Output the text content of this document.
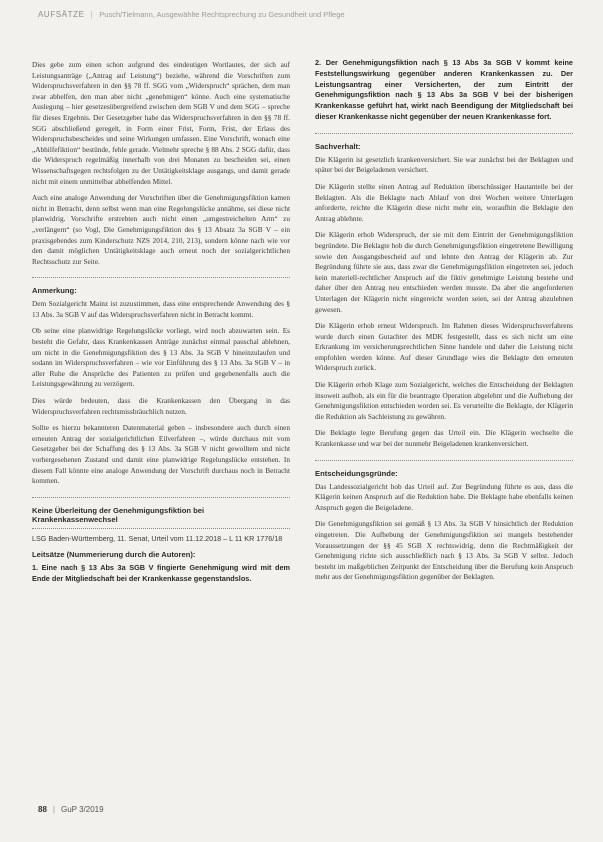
AUFSÄTZE | Pusch/Tielmann, Ausgewählte Rechtsprechung zu Gesundheit und Pflege

Dies gebe zum einen schon aufgrund des eindeutigen Wortlautes, der sich auf Leistungsanträge („Antrag auf Leistung“) beziehe, während die Vorschriften zum Widerspruchsverfahren in den §§ 78 ff. SGG vom „Widerspruch“ sprächen, dem man zwar abhelfen, den man aber nicht „genehmigen“ könne. Auch eine systematische Auslegung – hier gesetzesübergreifend zwischen dem SGB V und dem SGG – spreche für dieses Ergebnis. Der Gesetzgeber habe das Widerspruchsverfahren in den §§ 78 ff. SGG abschließend geregelt, in Form einer Frist, Form, Frist, der Erlass des Widerspruchsbescheides und seine Wirkungen umfassen. Eine Vorschrift, wonach eine „Abhilfefiktion“ bestünde, fehle gerade. Vielmehr spreche § 88 Abs. 2 SGG dafür, dass die Widerspruch regelmäßig innerhalb von drei Monaten zu bescheiden sei, einen Wissenschaftsgegen rechtsfolgen zu der Untätigkeitsklage ausgangs, und damit gerade nicht mit einem unmittelbar abhelfenden Mittel.

Auch eine analoge Anwendung der Vorschriften über die Genehmigungsfiktion kamen nicht in Betracht, denn selbst wenn man eine Regelungslücke annähme, sei diese nicht planwidrig. Vorschrifte erstrebten auch nicht einen „umgestreichelten Arm“ zu „verlängern“ (so Vogl, Die Genehmigungsfiktion des § 13 Absatz 3a SGB V – ein praxisgebendes zum Kinderschutz NZS 2014, 210, 213), sondern könne nach wie vor den damit möglichen Untätigkeitsklage auch erneut noch der sozialgerichtlichen Rechtsschutz zur Seite.

Anmerkung:

Dem Sozialgericht Mainz ist zuzustimmen, dass eine entsprechende Anwendung des § 13 Abs. 3a SGB V auf das Widerspruchsverfahren nicht in Betracht kommt.

Ob seine eine planwidrige Regelungslücke vorliegt, wird noch abzuwarten sein. Es besteht die Gefahr, dass Krankenkassen Anträge zunächst einmal pauschal ablehnen, um nicht in die Genehmigungsfiktion des § 13 Abs. 3a SGB V hineinzulaufen und sodann im Widerspruchsverfahren – wie vor Einführung des § 13 Abs. 3a SGB V – in aller Ruhe die Ansprüche des Patienten zu prüfen und gegebenenfalls auch die Leistungsgewährung zu verzögern.

Dies würde bedeuten, dass die Krankenkassen den Übergang in das Widerspruchsverfahren rechtsmissbräuchlich nutzen.

Sollte es hierzu bekannteren Datenmaterial geben – insbesondere auch durch einen erneuten Antrag der sozialgerichtlichen Eilverfahren –, würde durchaus mit vom Gesetzgeber bei der Schaffung des § 13 Abs. 3a SGB V nicht gewolltem und nicht vorhergesehenen Zustand und damit eine planwidrige Regelungslücke entstehen. In diesem Fall könnte eine analoge Anwendung der Vorschrift durchaus noch in Betracht kommen.

Keine Überleitung der Genehmigungsfiktion bei Krankenkassenwechsel

LSG Baden-Württemberg, 11. Senat, Urteil vom 11.12.2018 – L 11 KR 1776/18

Leitsätze (Nummerierung durch die Autoren):

1. Eine nach § 13 Abs 3a SGB V fingierte Genehmigung wird mit dem Ende der Mitgliedschaft bei der Krankenkasse gegenstandslos.

2. Der Genehmigungsfiktion nach § 13 Abs 3a SGB V kommt keine Feststellungswirkung gegenüber anderen Krankenkassen zu. Der Leistungsantrag einer Versicherten, der zum Eintritt der Genehmigungsfiktion nach § 13 Abs 3a SGB V bei der bisherigen Krankenkasse geführt hat, wirkt nach Beendigung der Mitgliedschaft bei dieser Krankenkasse nicht gegenüber der neuen Krankenkasse fort.

Sachverhalt:

Die Klägerin ist gesetzlich krankenversichert. Sie war zunächst bei der Beklagten und später bei der Beigeladenen versichert.

Die Klägerin stellte einen Antrag auf Reduktion überschüssiger Hautanteile bei der Beklagten. Als die Beklagte nach Ablauf von drei Wochen weitere Unterlagen anforderte, reichte die Klägerin diese nicht mehr ein, woraufhin die Beklagte den Antrag ablehnte.

Die Klägerin erhob Widerspruch, der sie mit dem Eintritt der Genehmigungsfiktion begründete. Die Beklagte hob die durch Genehmigungsfiktion eingetretene Bewilligung sowie den Ausgangsbescheid auf und lehnte den Antrag der Klägerin ab. Zur Begründung führte sie aus, dass zwar die Genehmigungsfiktion eingetreten sei, jedoch kein materiell-rechtlicher Anspruch auf die fiktiv genehmigte Leistung bestehe und daher über den Antrag neu entschieden werden musste. Da aber die angeforderten Unterlagen der Klägerin nicht eingereicht worden seien, sei der Antrag abzulehnen gewesen.

Die Klägerin erhob erneut Widerspruch. Im Rahmen dieses Widerspruchsverfahrens wurde durch einen Gutachter des MDK festgestellt, dass es sich nicht um eine Erkrankung im versicherungsrechtlichen Sinne handele und daher die Leistung nicht empfohlen werden könne. Auf dieser Grundlage wies die Beklagte den erneuten Widerspruch zurück.

Die Klägerin erhob Klage zum Sozialgericht, welches die Entscheidung der Beklagten insoweit aufhob, als ein für die beantragte Operation abgelehnt und die Aufhebung der Genehmigungsfiktion entschieden worden sei. Es verurteilte die Beklagte, der Klägerin die Reduktion als Sachleistung zu gewähren.

Die Beklagte legte Berufung gegen das Urteil ein. Die Klägerin wechselte die Krankenkasse und war bei der nunmehr Beigeladenen krankenversichert.

Entscheidungsgründe:

Das Landessozialgericht hob das Urteil auf. Zur Begründung führte es aus, dass die Klägerin keinen Anspruch auf die Reduktion habe. Die Beklagte habe ebenfalls keinen Anspruch gegen die Beigeladene.

Die Genehmigungsfiktion sei gemäß § 13 Abs. 3a SGB V hinsichtlich der Reduktion eingetreten. Die Aufhebung der Genehmigungsfiktion sei mangels bestehender Voraussetzungen der §§ 45 SGB X rechtswidrig, denn die Rechtmäßigkeit der Genehmigung richte sich ausschließlich nach § 13 Abs. 3a SGB V selbst. Jedoch besteht im maßgeblichen Zeitpunkt der Entscheidung über die Berufung kein Anspruch mehr aus der Genehmigungsfiktion gegenüber der Beklagten.

88 | GuP 3/2019
